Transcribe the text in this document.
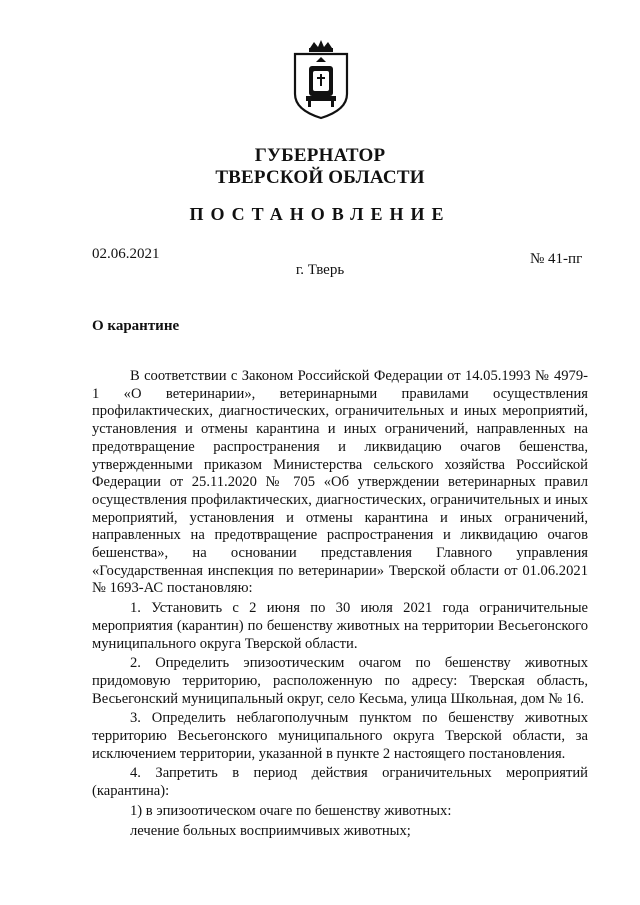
ГУБЕРНАТОР
ТВЕРСКОЙ ОБЛАСТИ
ПОСТАНОВЛЕНИЕ
02.06.2021	№ 41-пг
г. Тверь
О карантине

В соответствии с Законом Российской Федерации от 14.05.1993 № 4979-1 «О ветеринарии», ветеринарными правилами осуществления профилактических, диагностических, ограничительных и иных мероприятий, установления и отмены карантина и иных ограничений, направленных на предотвращение распространения и ликвидацию очагов бешенства, утвержденными приказом Министерства сельского хозяйства Российской Федерации от 25.11.2020 № 705 «Об утверждении ветеринарных правил осуществления профилактических, диагностических, ограничительных и иных мероприятий, установления и отмены карантина и иных ограничений, направленных на предотвращение распространения и ликвидацию очагов бешенства», на основании представления Главного управления «Государственная инспекция по ветеринарии» Тверской области от 01.06.2021 № 1693-АС постановляю:

1. Установить с 2 июня по 30 июля 2021 года ограничительные мероприятия (карантин) по бешенству животных на территории Весьегонского муниципального округа Тверской области.

2. Определить эпизоотическим очагом по бешенству животных придомовую территорию, расположенную по адресу: Тверская область, Весьегонский муниципальный округ, село Кесьма, улица Школьная, дом № 16.

3. Определить неблагополучным пунктом по бешенству животных территорию Весьегонского муниципального округа Тверской области, за исключением территории, указанной в пункте 2 настоящего постановления.

4. Запретить в период действия ограничительных мероприятий (карантина):

1) в эпизоотическом очаге по бешенству животных:

лечение больных восприимчивых животных;
